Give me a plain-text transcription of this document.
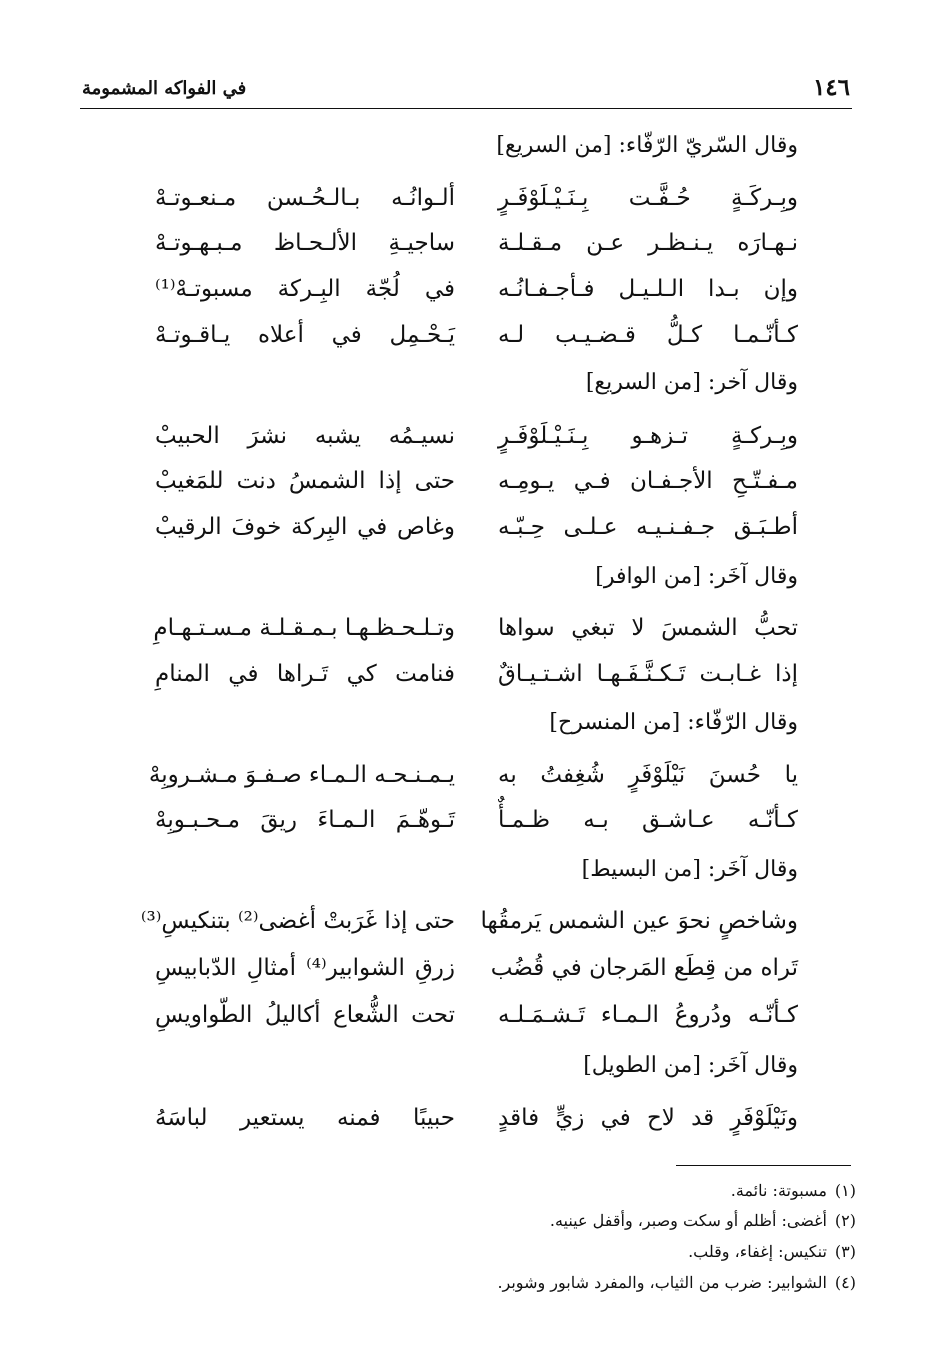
١٤٦
في الفواكه المشمومة
وقال السّريّ الرّفّاء: [من السريع]
وبِـركَـةٍ حُـفَّـت بِـنَـيْـلَوْفَـرٍ
ألـوانُـه بـالـحُـسن مـنعـوتـهْ
نـهـارَه يـنـظـر عـن مـقـلـة
ساجيـةِ الألـحـاظ مـبـهـوتـهْ
وإن بـدا الـلـيـل فـأجـفـانُـه
في لُجّة البِـركة مسبوتـهْ⁽¹⁾
كـأنّـمـا كـلُّ قـضـيـب لـه
يَـحْـمِل في أعلاه يـاقـوتـهْ
وقال آخر: [من السريع]
وبِـركـةٍ تـزهـو بِـنَـيْـلَوْفَـرٍ
نسيـمُه يشبه نشرَ الحبيبْ
مـفـتّـحِ الأجـفـان فـي يـومِـه
حتى إذا الشمسُ دنت للمَغيبْ
أطـبَـق جـفـنـيـه عـلـى حِـبّـه
وغاص في البِركة خوفَ الرقيبْ
وقال آخَر: [من الوافر]
تحبُّ الشمسَ لا تبغي سواها
وتـلـحـظـهـا بـمـقـلـة مـسـتـهـامِ
إذا غـابـت تَـكـنَّـفَـهـا اشـتـيـاقٌ
فنامت كي تَـراها في المنامِ
وقال الرّفّاء: [من المنسرح]
يا حُسنَ نَيْلَوْفَرٍ شُغِفتُ به
يـمـنـحـه الـمـاء صـفـوَ مـشـروبِهْ
كـأنّـه عـاشـق بـه ظـمـأٌ
تَـوهّـمَ الـمـاءَ ريقَ مـحـبـوبِهْ
وقال آخَر: [من البسيط]
وشاخصٍ نحوَ عين الشمس يَرمقُها
حتى إذا غَرَبتْ أغضى⁽²⁾ بتنكيسِ⁽³⁾
تَراه من قِطَع المَرجان في قُضُب
زرقِ الشوابير⁽⁴⁾ أمثالِ الدّبابيسِ
كـأنّـه ودُروعُ الـمـاء تَـشـمَـلـه
تحت الشُّعاع أكاليلُ الطّواويسِ
وقال آخَر: [من الطويل]
ونَيْلَوْفَرٍ قد لاح في زيٍّ فاقدٍ
حبيبًا فمنه يستعير لباسَهُ
(١)مسبوتة: نائمة.
(٢)أغضى: أظلم أو سكت وصبر، وأقفل عينيه.
(٣)تنكيس: إغفاء، وقلب.
(٤)الشوابير: ضرب من الثياب، والمفرد شابور وشوبر.
